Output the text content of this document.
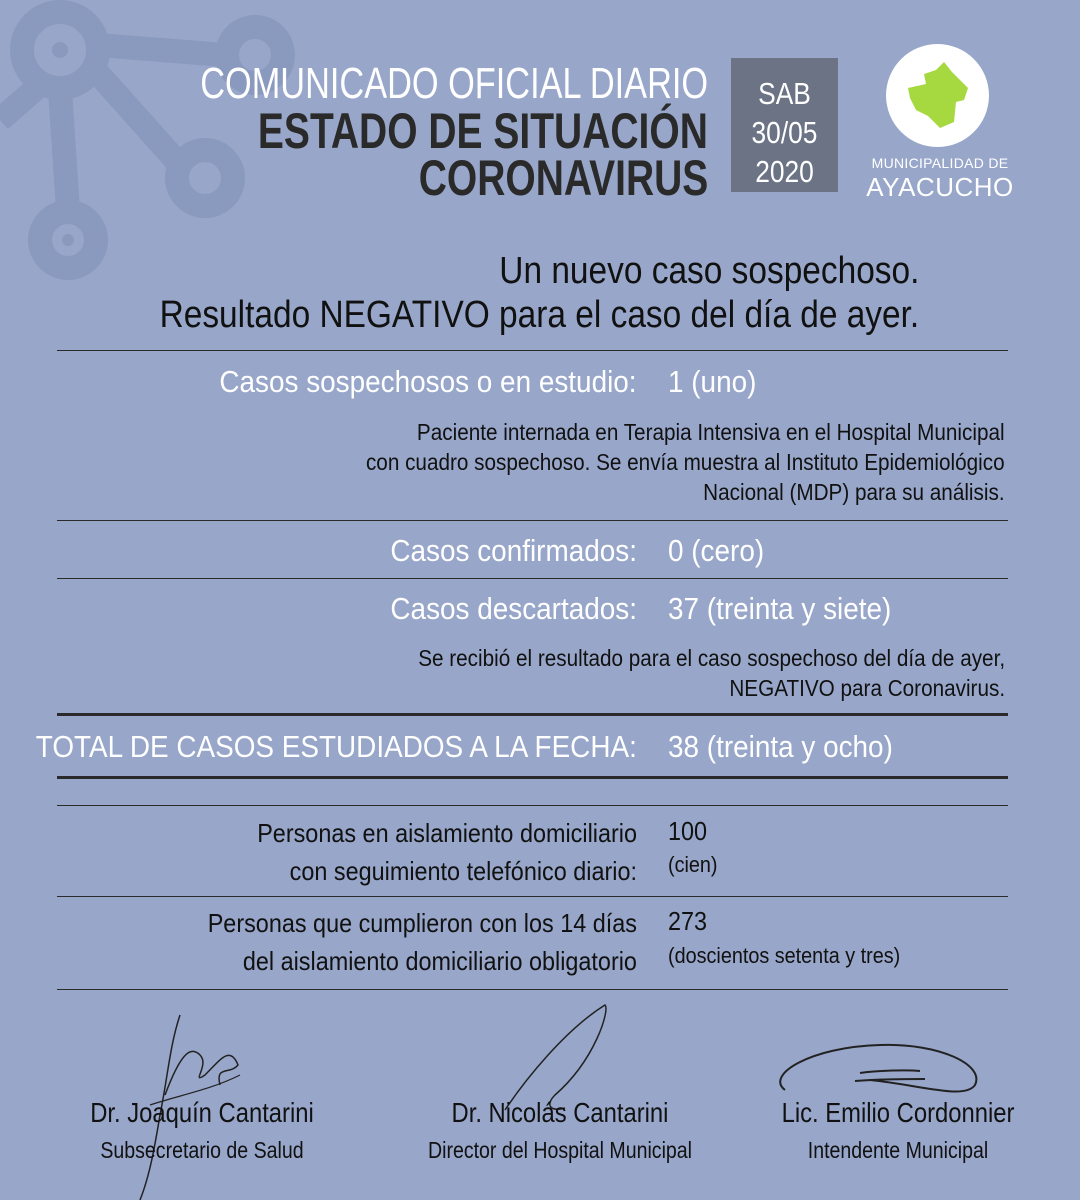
COMUNICADO OFICIAL DIARIO
ESTADO DE SITUACIÓN
CORONAVIRUS
SAB
30/05
2020	MUNICIPALIDAD DE
AYACUCHO
Un nuevo caso sospechoso.
Resultado NEGATIVO para el caso del día de ayer.
Casos sospechosos o en estudio: 1 (uno)
Paciente internada en Terapia Intensiva en el Hospital Municipal
con cuadro sospechoso. Se envía muestra al Instituto Epidemiológico
Nacional (MDP) para su análisis.
Casos confirmados: 0 (cero)
Casos descartados: 37 (treinta y siete)
Se recibió el resultado para el caso sospechoso del día de ayer,
NEGATIVO para Coronavirus.
TOTAL DE CASOS ESTUDIADOS A LA FECHA: 38 (treinta y ocho)
Personas en aislamiento domiciliario
con seguimiento telefónico diario:
100
(cien)
Personas que cumplieron con los 14 días
del aislamiento domiciliario obligatorio
273
(doscientos setenta y tres)
Dr. Joaquín Cantarini
Subsecretario de Salud
Dr. Nicolás Cantarini
Director del Hospital Municipal
Lic. Emilio Cordonnier
Intendente Municipal
